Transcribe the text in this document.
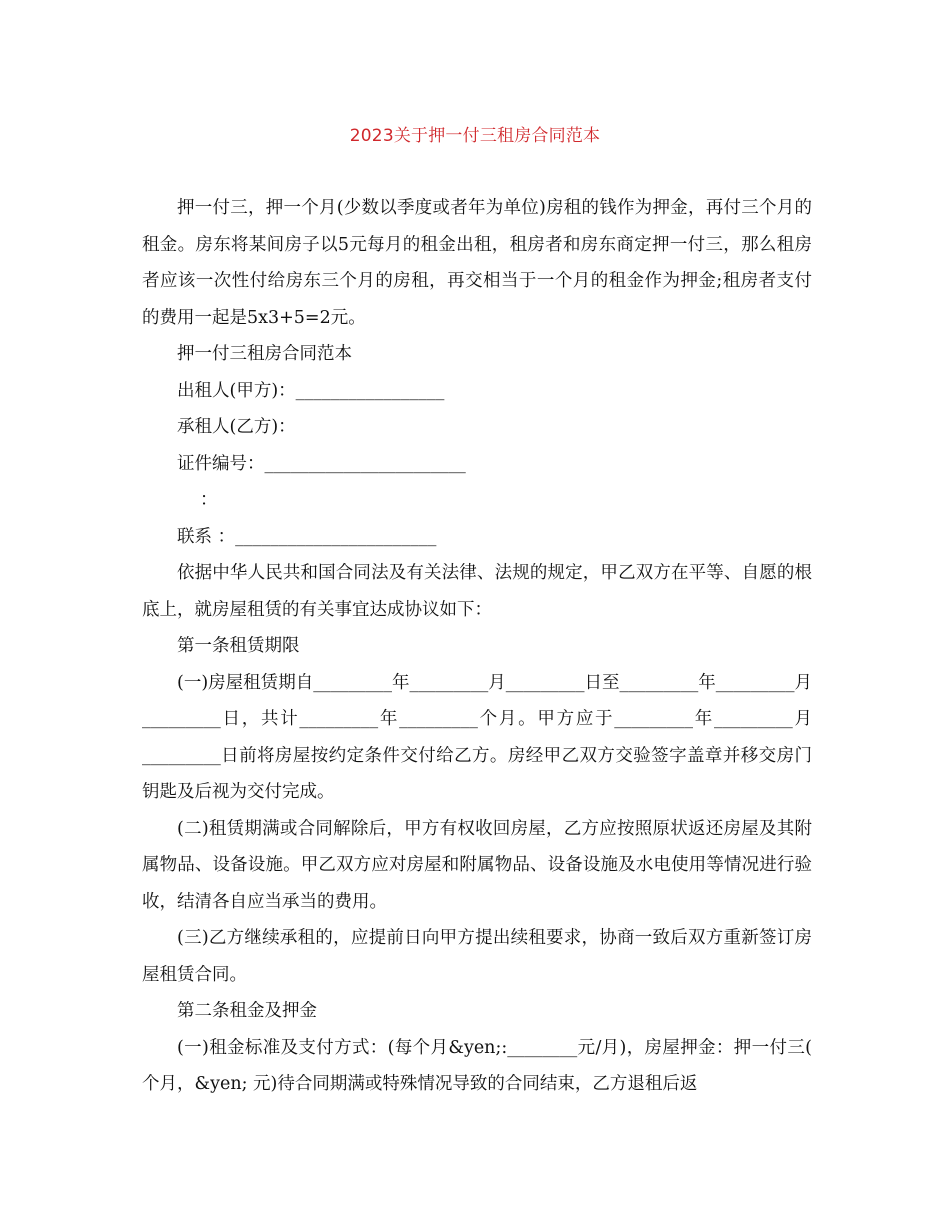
2023关于押一付三租房合同范本

押一付三，押一个月(少数以季度或者年为单位)房租的钱作为押金，再付三个月的租金。房东将某间房子以5元每月的租金出租，租房者和房东商定押一付三，那么租房者应该一次性付给房东三个月的房租，再交相当于一个月的租金作为押金;租房者支付的费用一起是5x3+5=2元。

押一付三租房合同范本

出租人(甲方)：_________________

承租人(乙方)：

证件编号：_______________________

：

联系 ：_______________________

依据中华人民共和国合同法及有关法律、法规的规定，甲乙双方在平等、自愿的根底上，就房屋租赁的有关事宜达成协议如下：

第一条租赁期限

(一)房屋租赁期自_________年_________月_________日至_________年_________月_________日，共计_________年_________个月。甲方应于_________年_________月_________日前将房屋按约定条件交付给乙方。房经甲乙双方交验签字盖章并移交房门钥匙及后视为交付完成。

(二)租赁期满或合同解除后，甲方有权收回房屋，乙方应按照原状返还房屋及其附属物品、设备设施。甲乙双方应对房屋和附属物品、设备设施及水电使用等情况进行验收，结清各自应当承当的费用。

(三)乙方继续承租的，应提前日向甲方提出续租要求，协商一致后双方重新签订房屋租赁合同。

第二条租金及押金

(一)租金标准及支付方式：(每个月&yen;:________元/月)，房屋押金：押一付三( 个月，&yen; 元)待合同期满或特殊情况导致的合同结束，乙方退租后返
